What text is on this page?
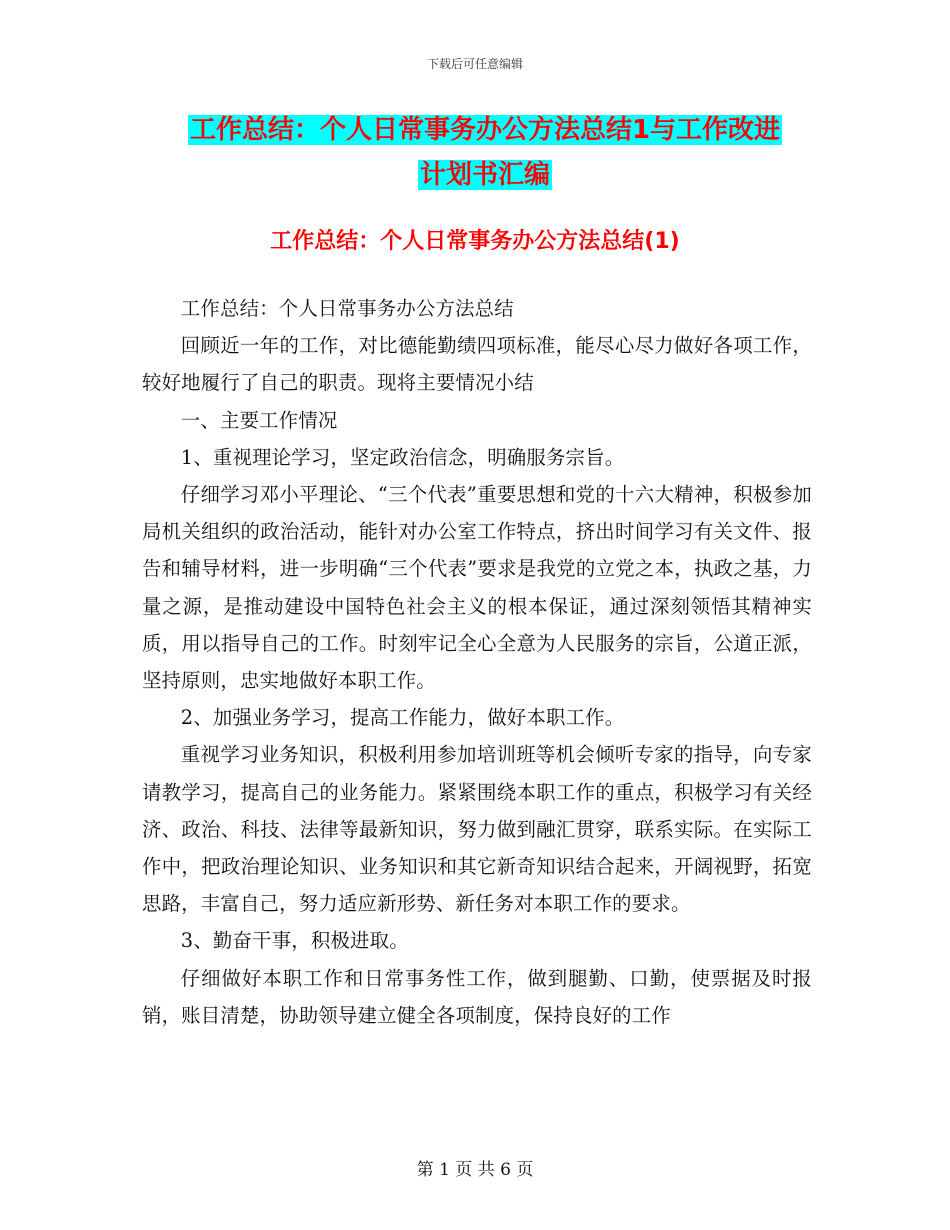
下载后可任意编辑
工作总结：个人日常事务办公方法总结1与工作改进
计划书汇编
工作总结：个人日常事务办公方法总结(1)

工作总结：个人日常事务办公方法总结

回顾近一年的工作，对比德能勤绩四项标准，能尽心尽力做好各项工作，较好地履行了自己的职责。现将主要情况小结

一、主要工作情况

1、重视理论学习，坚定政治信念，明确服务宗旨。

仔细学习邓小平理论、“三个代表”重要思想和党的十六大精神，积极参加局机关组织的政治活动，能针对办公室工作特点，挤出时间学习有关文件、报告和辅导材料，进一步明确“三个代表”要求是我党的立党之本，执政之基，力量之源，是推动建设中国特色社会主义的根本保证，通过深刻领悟其精神实质，用以指导自己的工作。时刻牢记全心全意为人民服务的宗旨，公道正派，坚持原则，忠实地做好本职工作。

2、加强业务学习，提高工作能力，做好本职工作。

重视学习业务知识，积极利用参加培训班等机会倾听专家的指导，向专家请教学习，提高自己的业务能力。紧紧围绕本职工作的重点，积极学习有关经济、政治、科技、法律等最新知识，努力做到融汇贯穿，联系实际。在实际工作中，把政治理论知识、业务知识和其它新奇知识结合起来，开阔视野，拓宽思路，丰富自己，努力适应新形势、新任务对本职工作的要求。

3、勤奋干事，积极进取。

仔细做好本职工作和日常事务性工作，做到腿勤、口勤，使票据及时报销，账目清楚，协助领导建立健全各项制度，保持良好的工作

第 1 页 共 6 页
